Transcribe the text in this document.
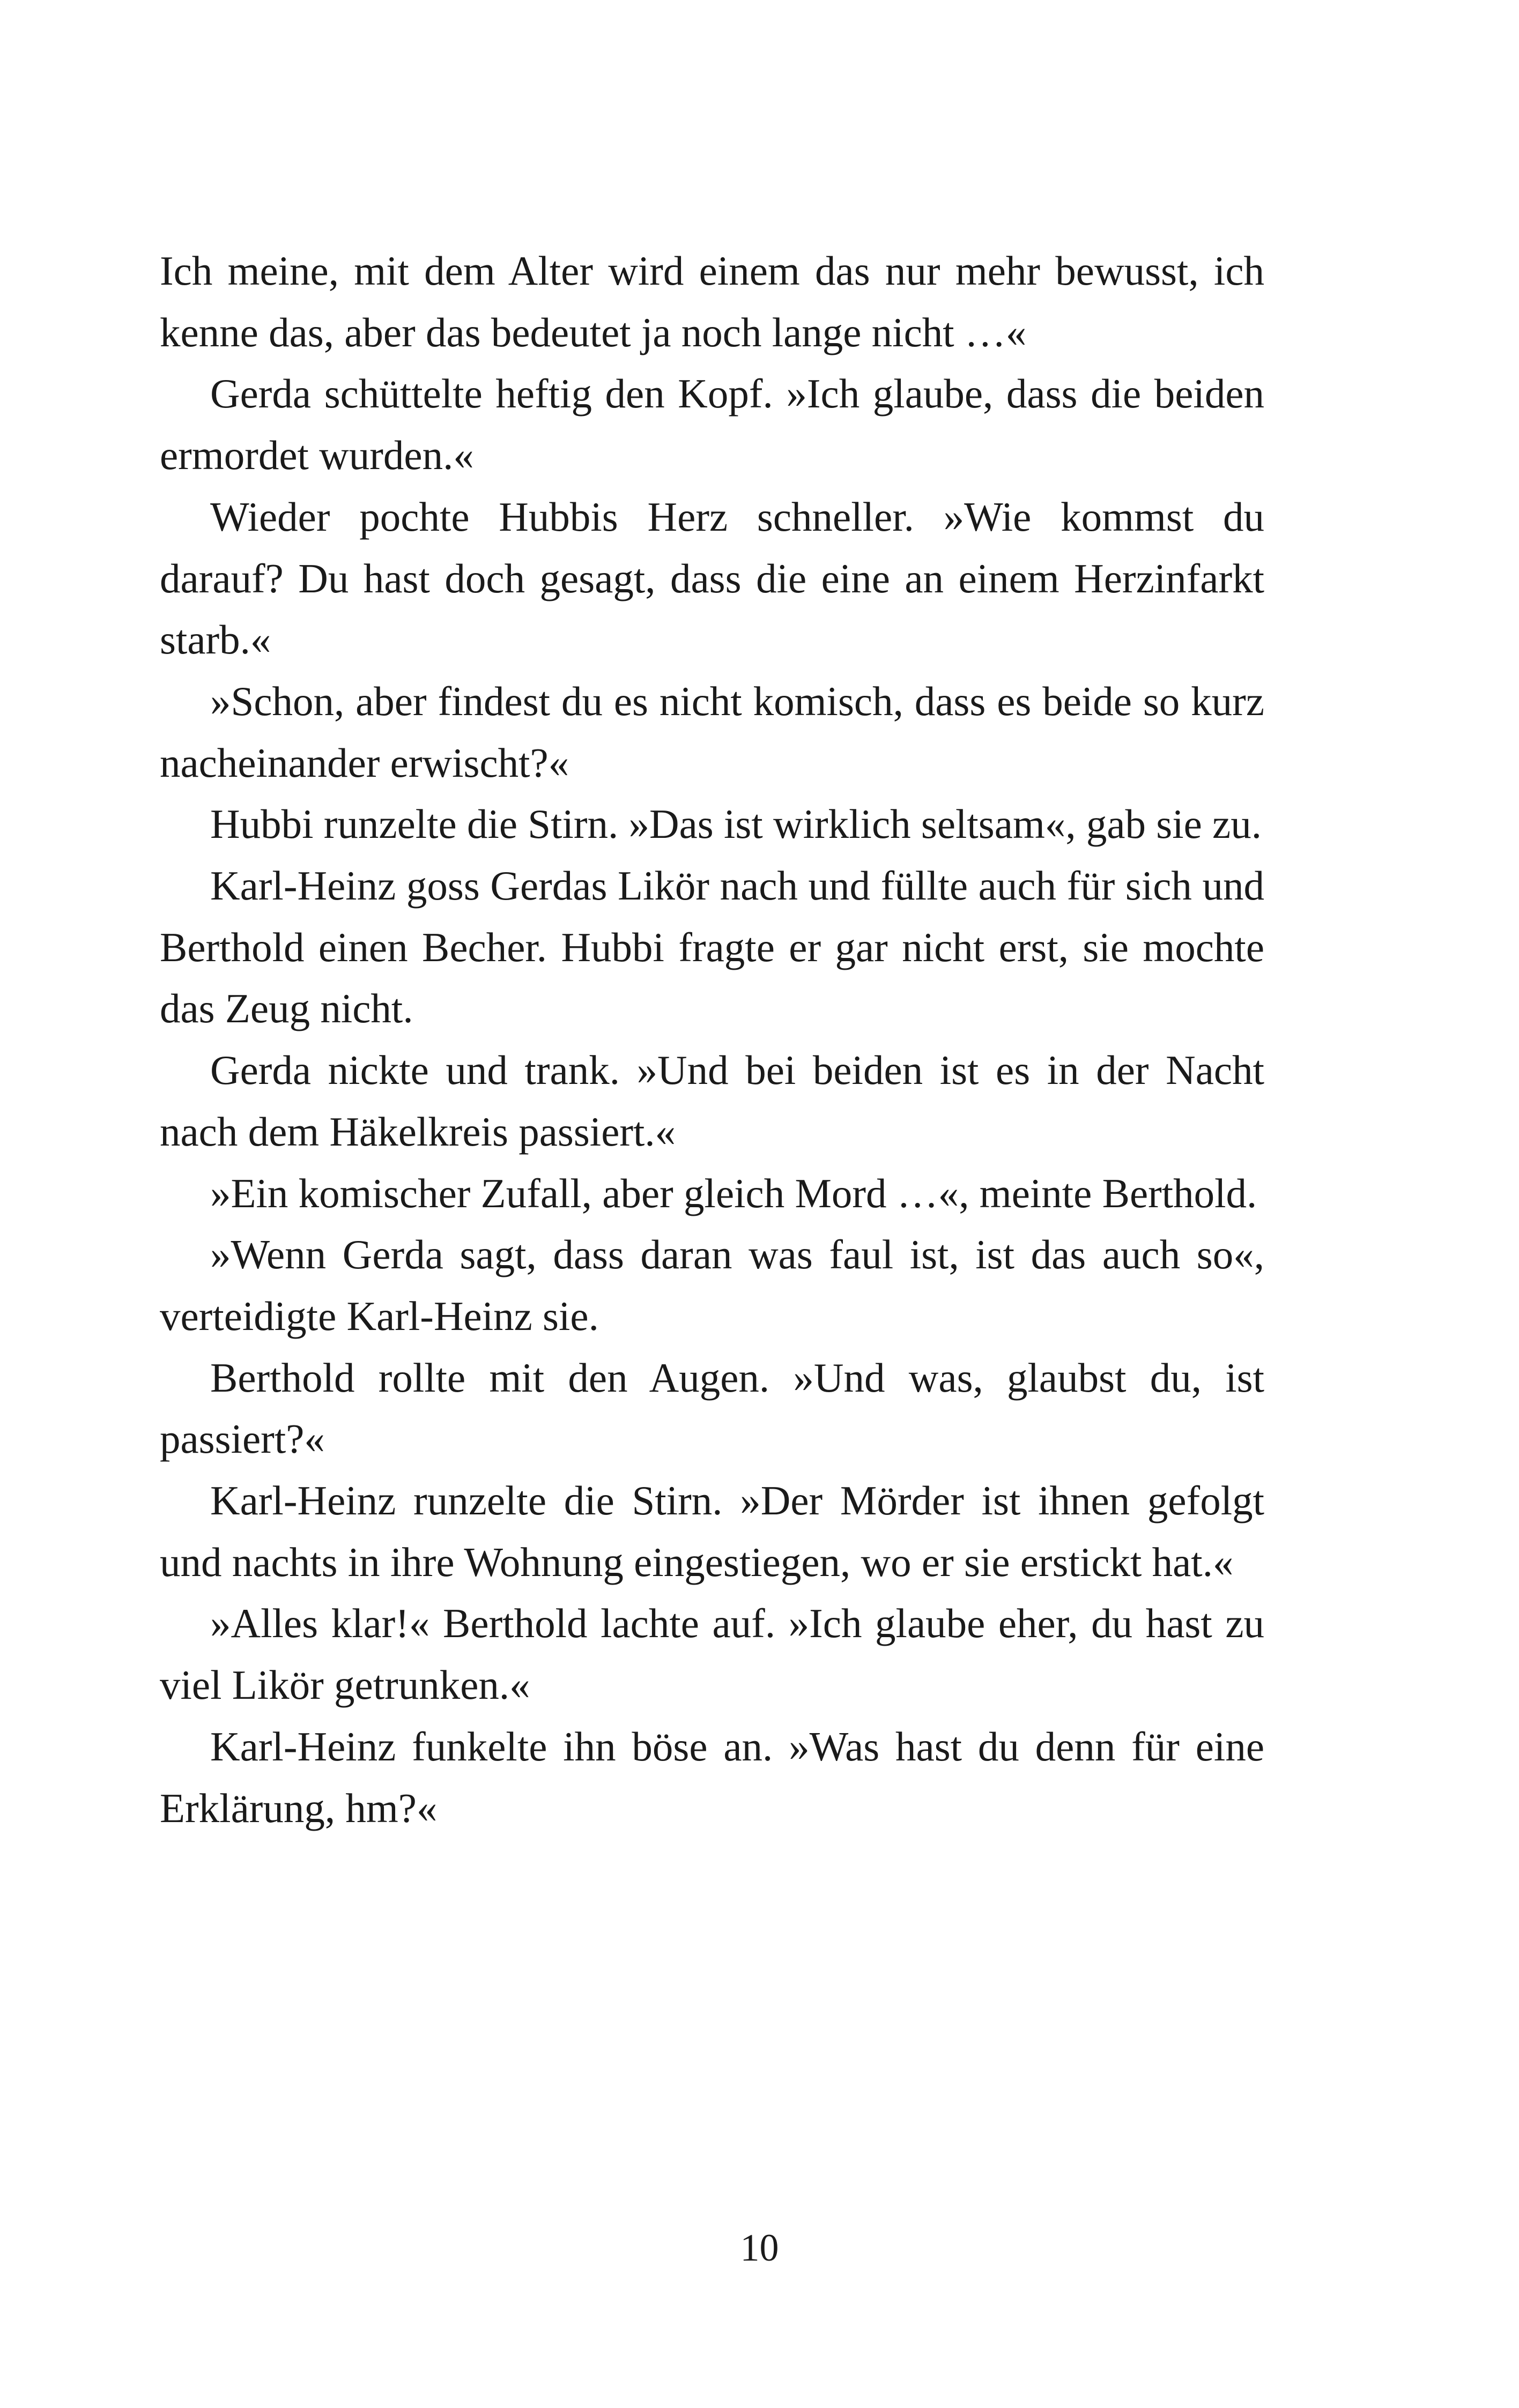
Ich meine, mit dem Alter wird einem das nur mehr bewusst, ich kenne das, aber das bedeutet ja noch lange nicht …«

Gerda schüttelte heftig den Kopf. »Ich glaube, dass die beiden ermordet wurden.«

Wieder pochte Hubbis Herz schneller. »Wie kommst du darauf? Du hast doch gesagt, dass die eine an einem Herzinfarkt starb.«

»Schon, aber findest du es nicht komisch, dass es beide so kurz nacheinander erwischt?«

Hubbi runzelte die Stirn. »Das ist wirklich seltsam«, gab sie zu.

Karl-Heinz goss Gerdas Likör nach und füllte auch für sich und Berthold einen Becher. Hubbi fragte er gar nicht erst, sie mochte das Zeug nicht.

Gerda nickte und trank. »Und bei beiden ist es in der Nacht nach dem Häkelkreis passiert.«

»Ein komischer Zufall, aber gleich Mord …«, meinte Berthold.

»Wenn Gerda sagt, dass daran was faul ist, ist das auch so«, verteidigte Karl-Heinz sie.

Berthold rollte mit den Augen. »Und was, glaubst du, ist passiert?«

Karl-Heinz runzelte die Stirn. »Der Mörder ist ihnen gefolgt und nachts in ihre Wohnung eingestiegen, wo er sie erstickt hat.«

»Alles klar!« Berthold lachte auf. »Ich glaube eher, du hast zu viel Likör getrunken.«

Karl-Heinz funkelte ihn böse an. »Was hast du denn für eine Erklärung, hm?«

10
